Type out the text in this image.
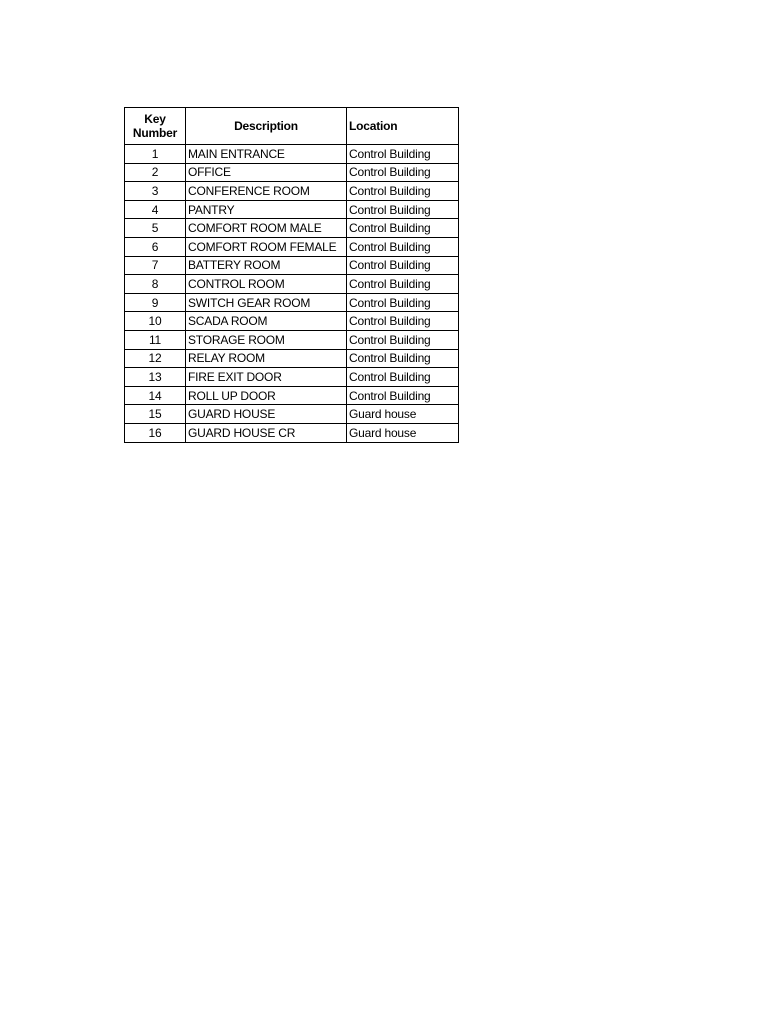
Key
Number	Description	Location
1	MAIN ENTRANCE	Control Building
2	OFFICE	Control Building
3	CONFERENCE ROOM	Control Building
4	PANTRY	Control Building
5	COMFORT ROOM MALE	Control Building
6	COMFORT ROOM FEMALE	Control Building
7	BATTERY ROOM	Control Building
8	CONTROL ROOM	Control Building
9	SWITCH GEAR ROOM	Control Building
10	SCADA ROOM	Control Building
11	STORAGE ROOM	Control Building
12	RELAY ROOM	Control Building
13	FIRE EXIT DOOR	Control Building
14	ROLL UP DOOR	Control Building
15	GUARD HOUSE	Guard house
16	GUARD HOUSE CR	Guard house
